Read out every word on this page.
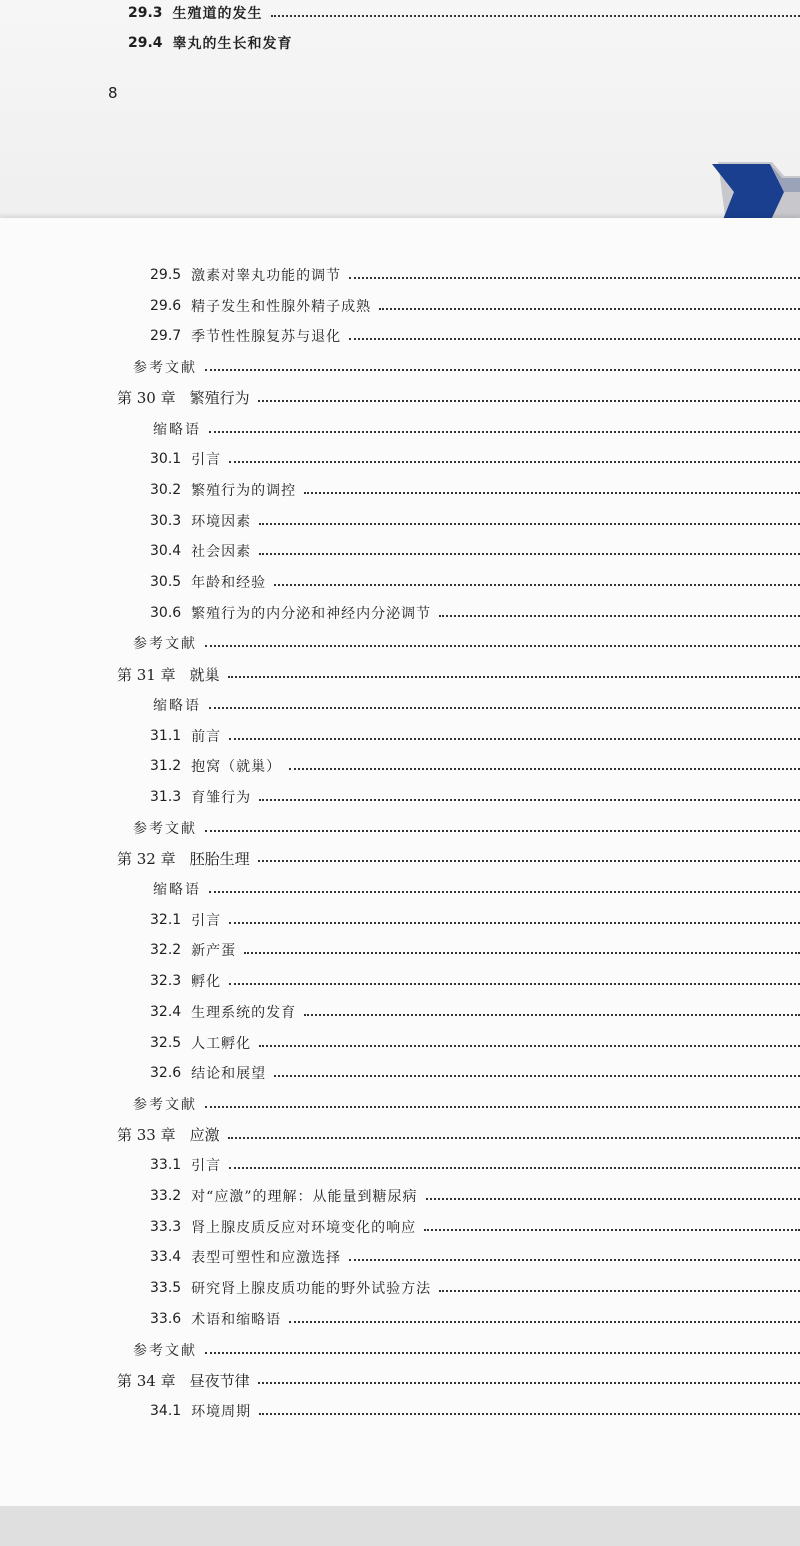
29.3 生殖道的发生
29.4 睾丸的生长和发育
8
29.5 激素对睾丸功能的调节
29.6 精子发生和性腺外精子成熟
29.7 季节性性腺复苏与退化
参考文献
第 30 章 繁殖行为
缩略语
30.1 引言
30.2 繁殖行为的调控
30.3 环境因素
30.4 社会因素
30.5 年龄和经验
30.6 繁殖行为的内分泌和神经内分泌调节
参考文献
第 31 章 就巢
缩略语
31.1 前言
31.2 抱窝（就巢）
31.3 育雏行为
参考文献
第 32 章 胚胎生理
缩略语
32.1 引言
32.2 新产蛋
32.3 孵化
32.4 生理系统的发育
32.5 人工孵化
32.6 结论和展望
参考文献
第 33 章 应激
33.1 引言
33.2 对“应激”的理解：从能量到糖尿病
33.3 肾上腺皮质反应对环境变化的响应
33.4 表型可塑性和应激选择
33.5 研究肾上腺皮质功能的野外试验方法
33.6 术语和缩略语
参考文献
第 34 章 昼夜节律
34.1 环境周期
